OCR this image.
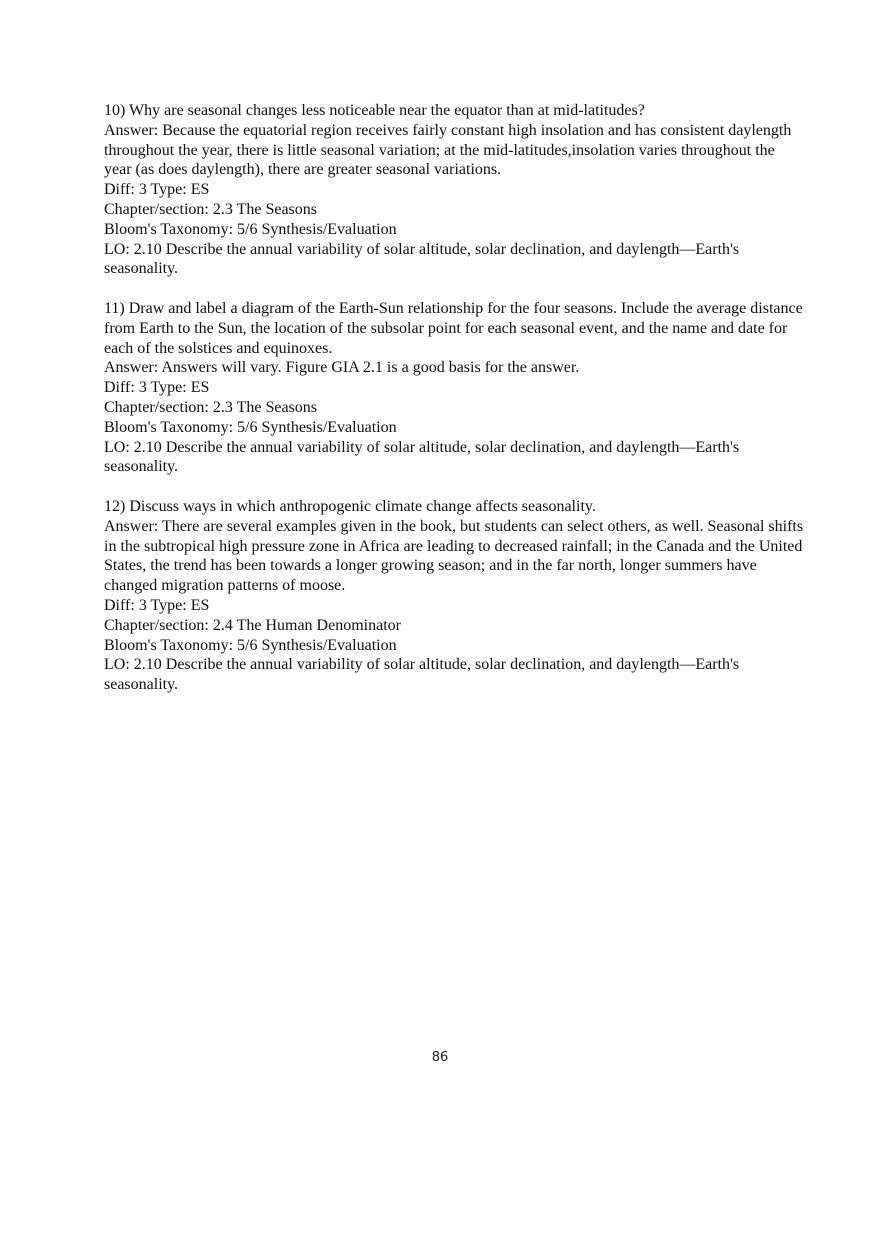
10) Why are seasonal changes less noticeable near the equator than at mid-latitudes?

Answer: Because the equatorial region receives fairly constant high insolation and has consistent daylength throughout the year, there is little seasonal variation; at the mid-latitudes,insolation varies throughout the year (as does daylength), there are greater seasonal variations.

Diff: 3 Type: ES

Chapter/section: 2.3 The Seasons

Bloom's Taxonomy: 5/6 Synthesis/Evaluation

LO: 2.10 Describe the annual variability of solar altitude, solar declination, and daylength—Earth's seasonality.

11) Draw and label a diagram of the Earth-Sun relationship for the four seasons. Include the average distance from Earth to the Sun, the location of the subsolar point for each seasonal event, and the name and date for each of the solstices and equinoxes.

Answer: Answers will vary. Figure GIA 2.1 is a good basis for the answer.

Diff: 3 Type: ES

Chapter/section: 2.3 The Seasons

Bloom's Taxonomy: 5/6 Synthesis/Evaluation

LO: 2.10 Describe the annual variability of solar altitude, solar declination, and daylength—Earth's seasonality.

12) Discuss ways in which anthropogenic climate change affects seasonality.

Answer: There are several examples given in the book, but students can select others, as well. Seasonal shifts in the subtropical high pressure zone in Africa are leading to decreased rainfall; in the Canada and the United States, the trend has been towards a longer growing season; and in the far north, longer summers have changed migration patterns of moose.

Diff: 3 Type: ES

Chapter/section: 2.4 The Human Denominator

Bloom's Taxonomy: 5/6 Synthesis/Evaluation

LO: 2.10 Describe the annual variability of solar altitude, solar declination, and daylength—Earth's seasonality.

86
